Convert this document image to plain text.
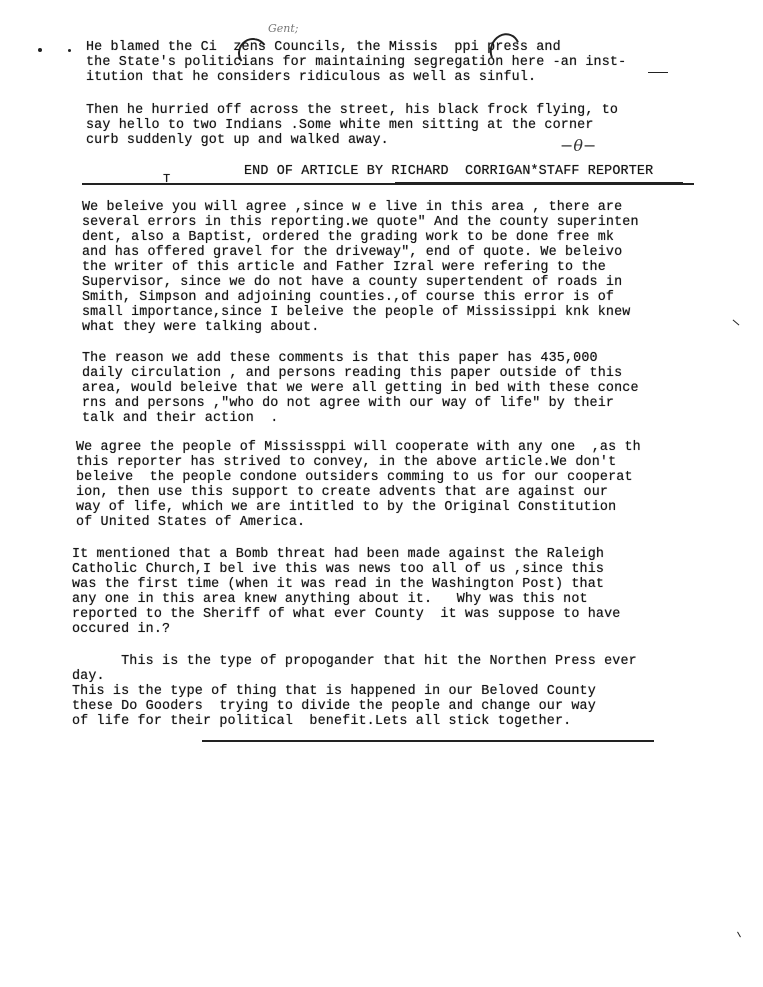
Gent;
He blamed the Ci  zens Councils, the Missis  ppi press and
the State's politicians for maintaining segregation here -an inst-
itution that he considers ridiculous as well as sinful.
Then he hurried off across the street, his black frock flying, to
say hello to two Indians .Some white men sitting at the corner
curb suddenly got up and walked away.	−θ−
END OF ARTICLE BY RICHARD  CORRIGAN*STAFF REPORTER
T
We beleive you will agree ,since w e live in this area , there are
several errors in this reporting.we quote" And the county superinten
dent, also a Baptist, ordered the grading work to be done free mk
and has offered gravel for the driveway", end of quote. We beleivo
the writer of this article and Father Izral were refering to the
Supervisor, since we do not have a county supertendent of roads in
Smith, Simpson and adjoining counties.,of course this error is of
small importance,since I beleive the people of Mississippi knk knew
what they were talking about.
The reason we add these comments is that this paper has 435,000
daily circulation , and persons reading this paper outside of this
area, would beleive that we were all getting in bed with these conce
rns and persons ,"who do not agree with our way of life" by their
talk and their action  .
We agree the people of Mississppi will cooperate with any one  ,as th
this reporter has strived to convey, in the above article.We don't
beleive  the people condone outsiders comming to us for our cooperat
ion, then use this support to create advents that are against our
way of life, which we are intitled to by the Original Constitution
of United States of America.
It mentioned that a Bomb threat had been made against the Raleigh
Catholic Church,I bel ive this was news too all of us ,since this
was the first time (when it was read in the Washington Post) that
any one in this area knew anything about it.   Why was this not
reported to the Sheriff of what ever County  it was suppose to have
occured in.?
This is the type of propogander that hit the Northen Press ever
day.
This is the type of thing that is happened in our Beloved County
these Do Gooders  trying to divide the people and change our way
of life for their political  benefit.Lets all stick together.
